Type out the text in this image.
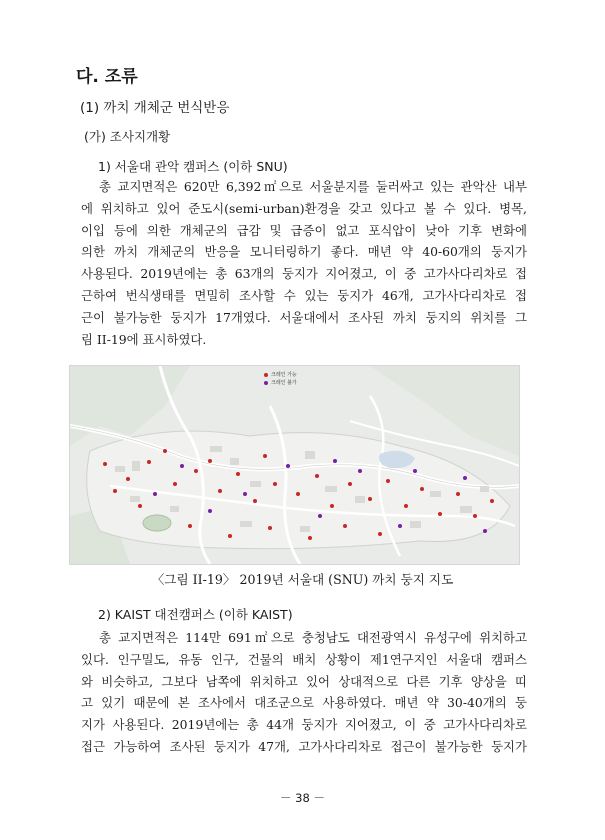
다. 조류
(1) 까치 개체군 번식반응
(가) 조사지개황
1) 서울대 관악 캠퍼스 (이하 SNU)
총 교지면적은 620만 6,392㎡으로 서울분지를 둘러싸고 있는 관악산 내부
에 위치하고 있어 준도시(semi-urban)환경을 갖고 있다고 볼 수 있다. 병목,
이입 등에 의한 개체군의 급감 및 급증이 없고 포식압이 낮아 기후 변화에
의한 까치 개체군의 반응을 모니터링하기 좋다. 매년 약 40-60개의 둥지가
사용된다. 2019년에는 총 63개의 둥지가 지어졌고, 이 중 고가사다리차로 접
근하여 번식생태를 면밀히 조사할 수 있는 둥지가 46개, 고가사다리차로 접
근이 불가능한 둥지가 17개였다. 서울대에서 조사된 까치 둥지의 위치를 그
림 II-19에 표시하였다.
크레인 가능
크레인 불가
〈그림 II-19〉 2019년 서울대 (SNU) 까치 둥지 지도
2) KAIST 대전캠퍼스 (이하 KAIST)
총 교지면적은 114만 691㎡으로 충청남도 대전광역시 유성구에 위치하고
있다. 인구밀도, 유동 인구, 건물의 배치 상황이 제1연구지인 서울대 캠퍼스
와 비슷하고, 그보다 남쪽에 위치하고 있어 상대적으로 다른 기후 양상을 띠
고 있기 때문에 본 조사에서 대조군으로 사용하였다. 매년 약 30-40개의 둥
지가 사용된다. 2019년에는 총 44개 둥지가 지어졌고, 이 중 고가사다리차로
접근 가능하여 조사된 둥지가 47개, 고가사다리차로 접근이 불가능한 둥지가
－ 38 －
